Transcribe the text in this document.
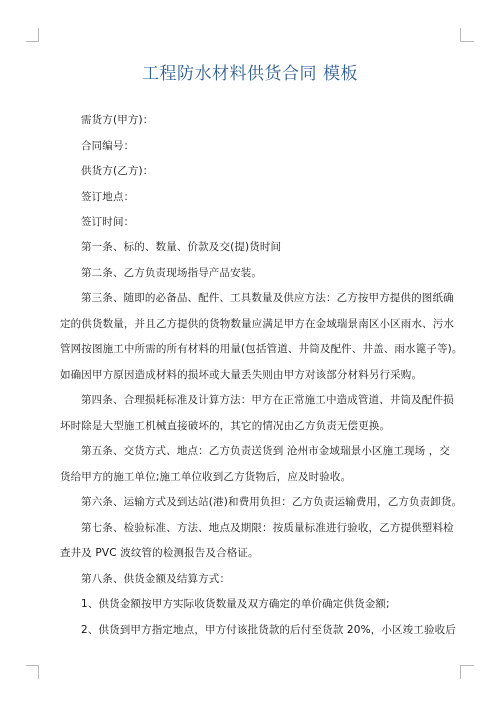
工程防水材料供货合同 模板
需货方(甲方)：
合同编号：
供货方(乙方)：
签订地点：
签订时间：
第一条、标的、数量、价款及交(提)货时间
第二条、乙方负责现场指导产品安装。
第三条、随即的必备品、配件、工具数量及供应方法：乙方按甲方提供的图纸确
定的供货数量，并且乙方提供的货物数量应满足甲方在金域瑞景南区小区雨水、污水
管网按图施工中所需的所有材料的用量(包括管道、井筒及配件、井盖、雨水篦子等)。
如确因甲方原因造成材料的损坏或大量丢失则由甲方对该部分材料另行采购。
第四条、合理损耗标准及计算方法：甲方在正常施工中造成管道、井筒及配件损
坏时除是大型施工机械直接破坏的，其它的情况由乙方负责无偿更换。
第五条、交货方式、地点：乙方负责送货到 沧州市金域瑞景小区施工现场 ，交
货给甲方的施工单位;施工单位收到乙方货物后，应及时验收。
第六条、运输方式及到达站(港)和费用负担：乙方负责运输费用，乙方负责卸货。
第七条、检验标准、方法、地点及期限：按质量标准进行验收，乙方提供塑料检
查井及 PVC 波纹管的检测报告及合格证。
第八条、供货金额及结算方式：
1、供货金额按甲方实际收货数量及双方确定的单价确定供货金额;
2、供货到甲方指定地点，甲方付该批货款的后付至货款 20%，小区竣工验收后
